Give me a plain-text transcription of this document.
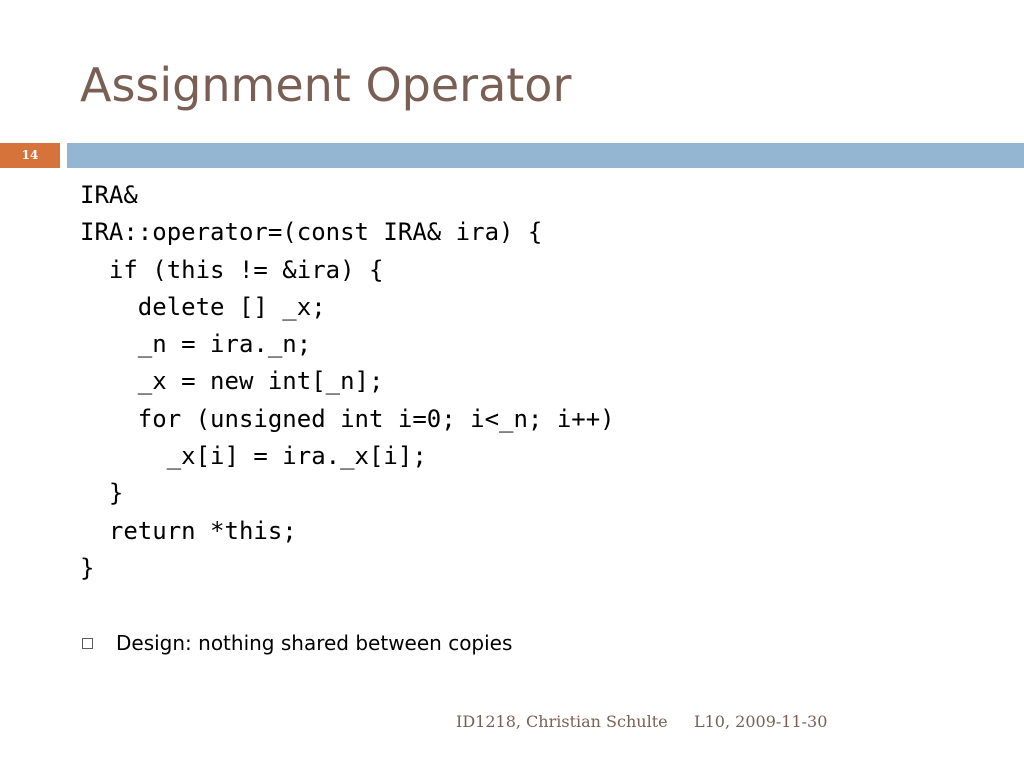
Assignment Operator
14
IRA&
IRA::operator=(const IRA& ira) {
if (this != &ira) {
delete [] _x;
_n = ira._n;
_x = new int[_n];
for (unsigned int i=0; i<_n; i++)
_x[i] = ira._x[i];
}
return *this;
}
Design: nothing shared between copies
ID1218, Christian Schulte L10, 2009-11-30
